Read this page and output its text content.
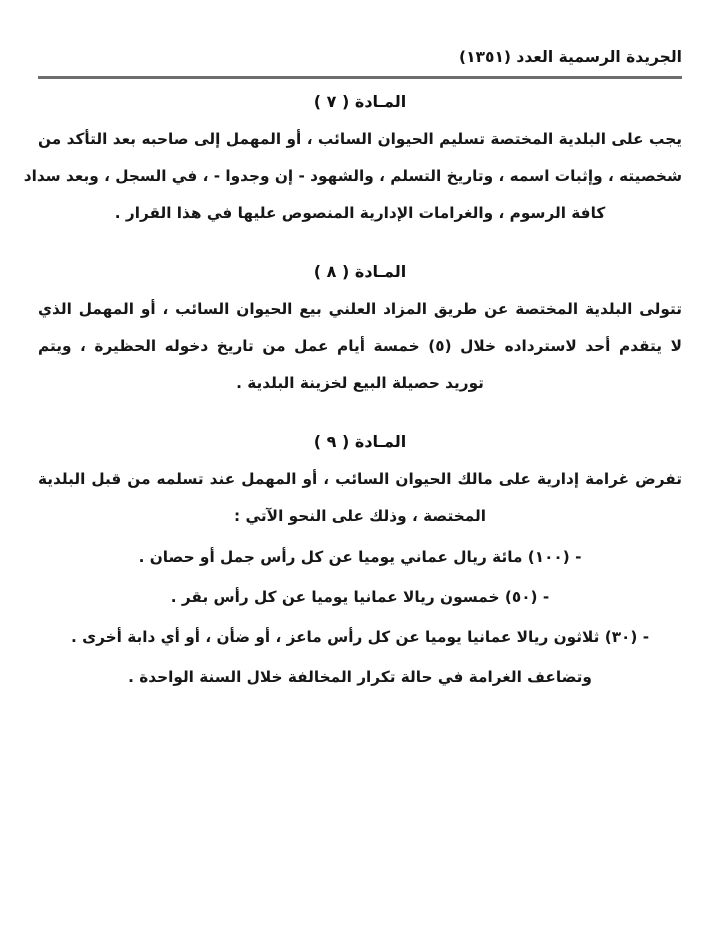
الجريدة الرسمية العدد (١٣٥١)
المـادة ( ٧ )
يجب على البلدية المختصة تسليم الحيوان السائب ، أو المهمل إلى صاحبه بعد التأكد من
شخصيته ، وإثبات اسمه ، وتاريخ التسلم ، والشهود - إن وجدوا - ، في السجل ، وبعد سداد
كافة الرسوم ، والغرامات الإدارية المنصوص عليها في هذا القرار .
المـادة ( ٨ )
تتولى البلدية المختصة عن طريق المزاد العلني بيع الحيوان السائب ، أو المهمل الذي
لا يتقدم أحد لاسترداده خلال (٥) خمسة أيام عمل من تاريخ دخوله الحظيرة ، ويتم
توريد حصيلة البيع لخزينة البلدية .
المـادة ( ٩ )
تفرض غرامة إدارية على مالك الحيوان السائب ، أو المهمل عند تسلمه من قبل البلدية
المختصة ، وذلك على النحو الآتي :
- (١٠٠) مائة ريال عماني يوميا عن كل رأس جمل أو حصان .
- (٥٠) خمسون ريالا عمانيا يوميا عن كل رأس بقر .
- (٣٠) ثلاثون ريالا عمانيا يوميا عن كل رأس ماعز ، أو ضأن ، أو أي دابة أخرى .
وتضاعف الغرامة في حالة تكرار المخالفة خلال السنة الواحدة .
